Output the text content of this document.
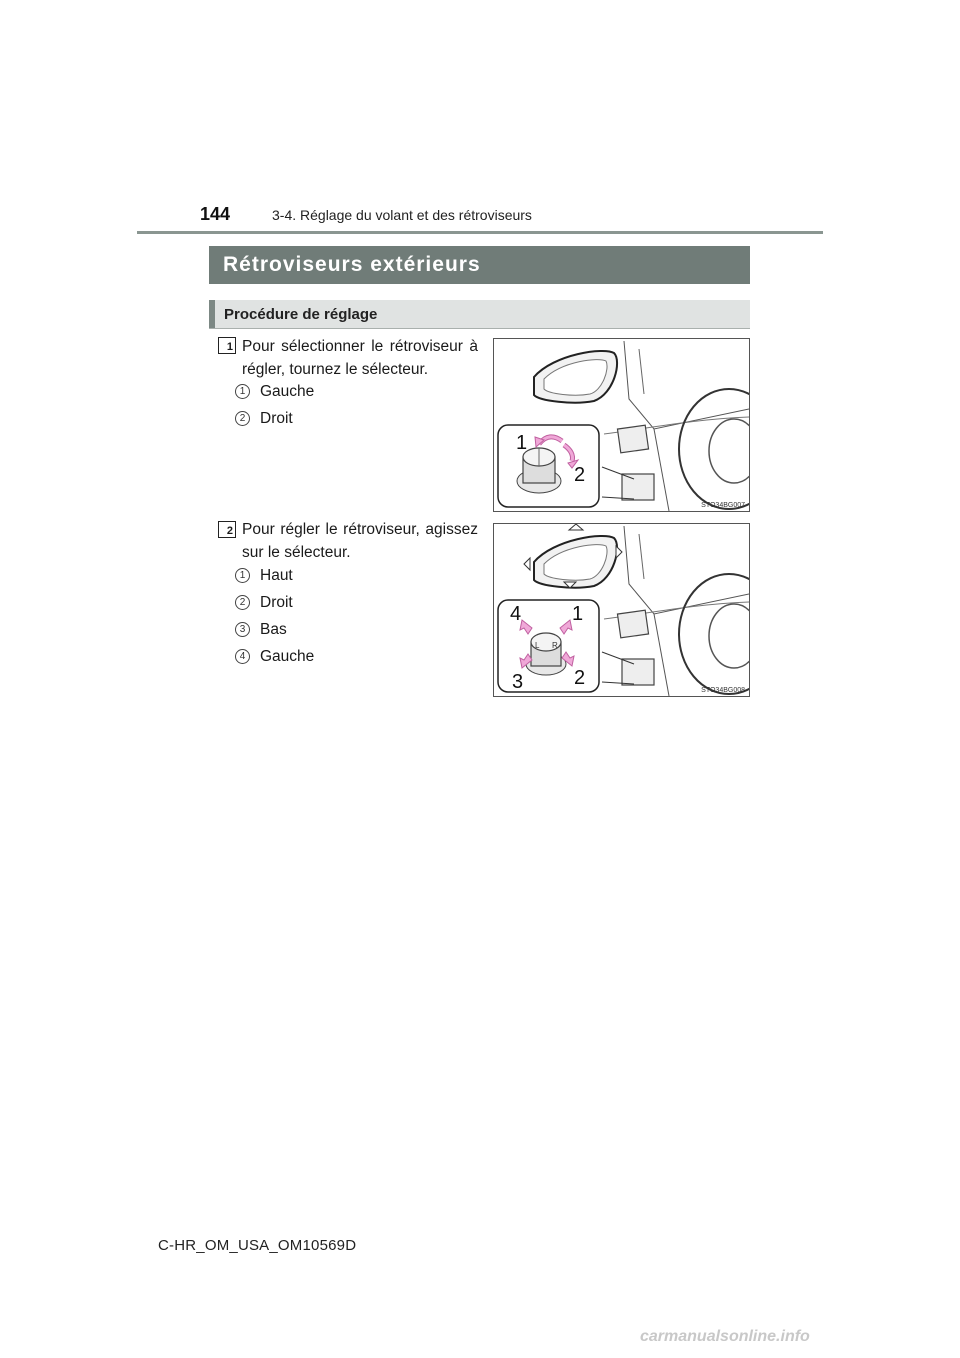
144	3-4. Réglage du volant et des rétroviseurs
Rétroviseurs extérieurs
Procédure de réglage
1 Pour sélectionner le rétroviseur à régler, tournez le sélecteur.
1 Gauche
2 Droit
1
2
STO34BG007
2 Pour régler le rétroviseur, agissez sur le sélecteur.
1 Haut
2 Droit
3 Bas
4 Gauche
L R
4	1
3	2
STO34BG008
C-HR_OM_USA_OM10569D
carmanualsonline.info
